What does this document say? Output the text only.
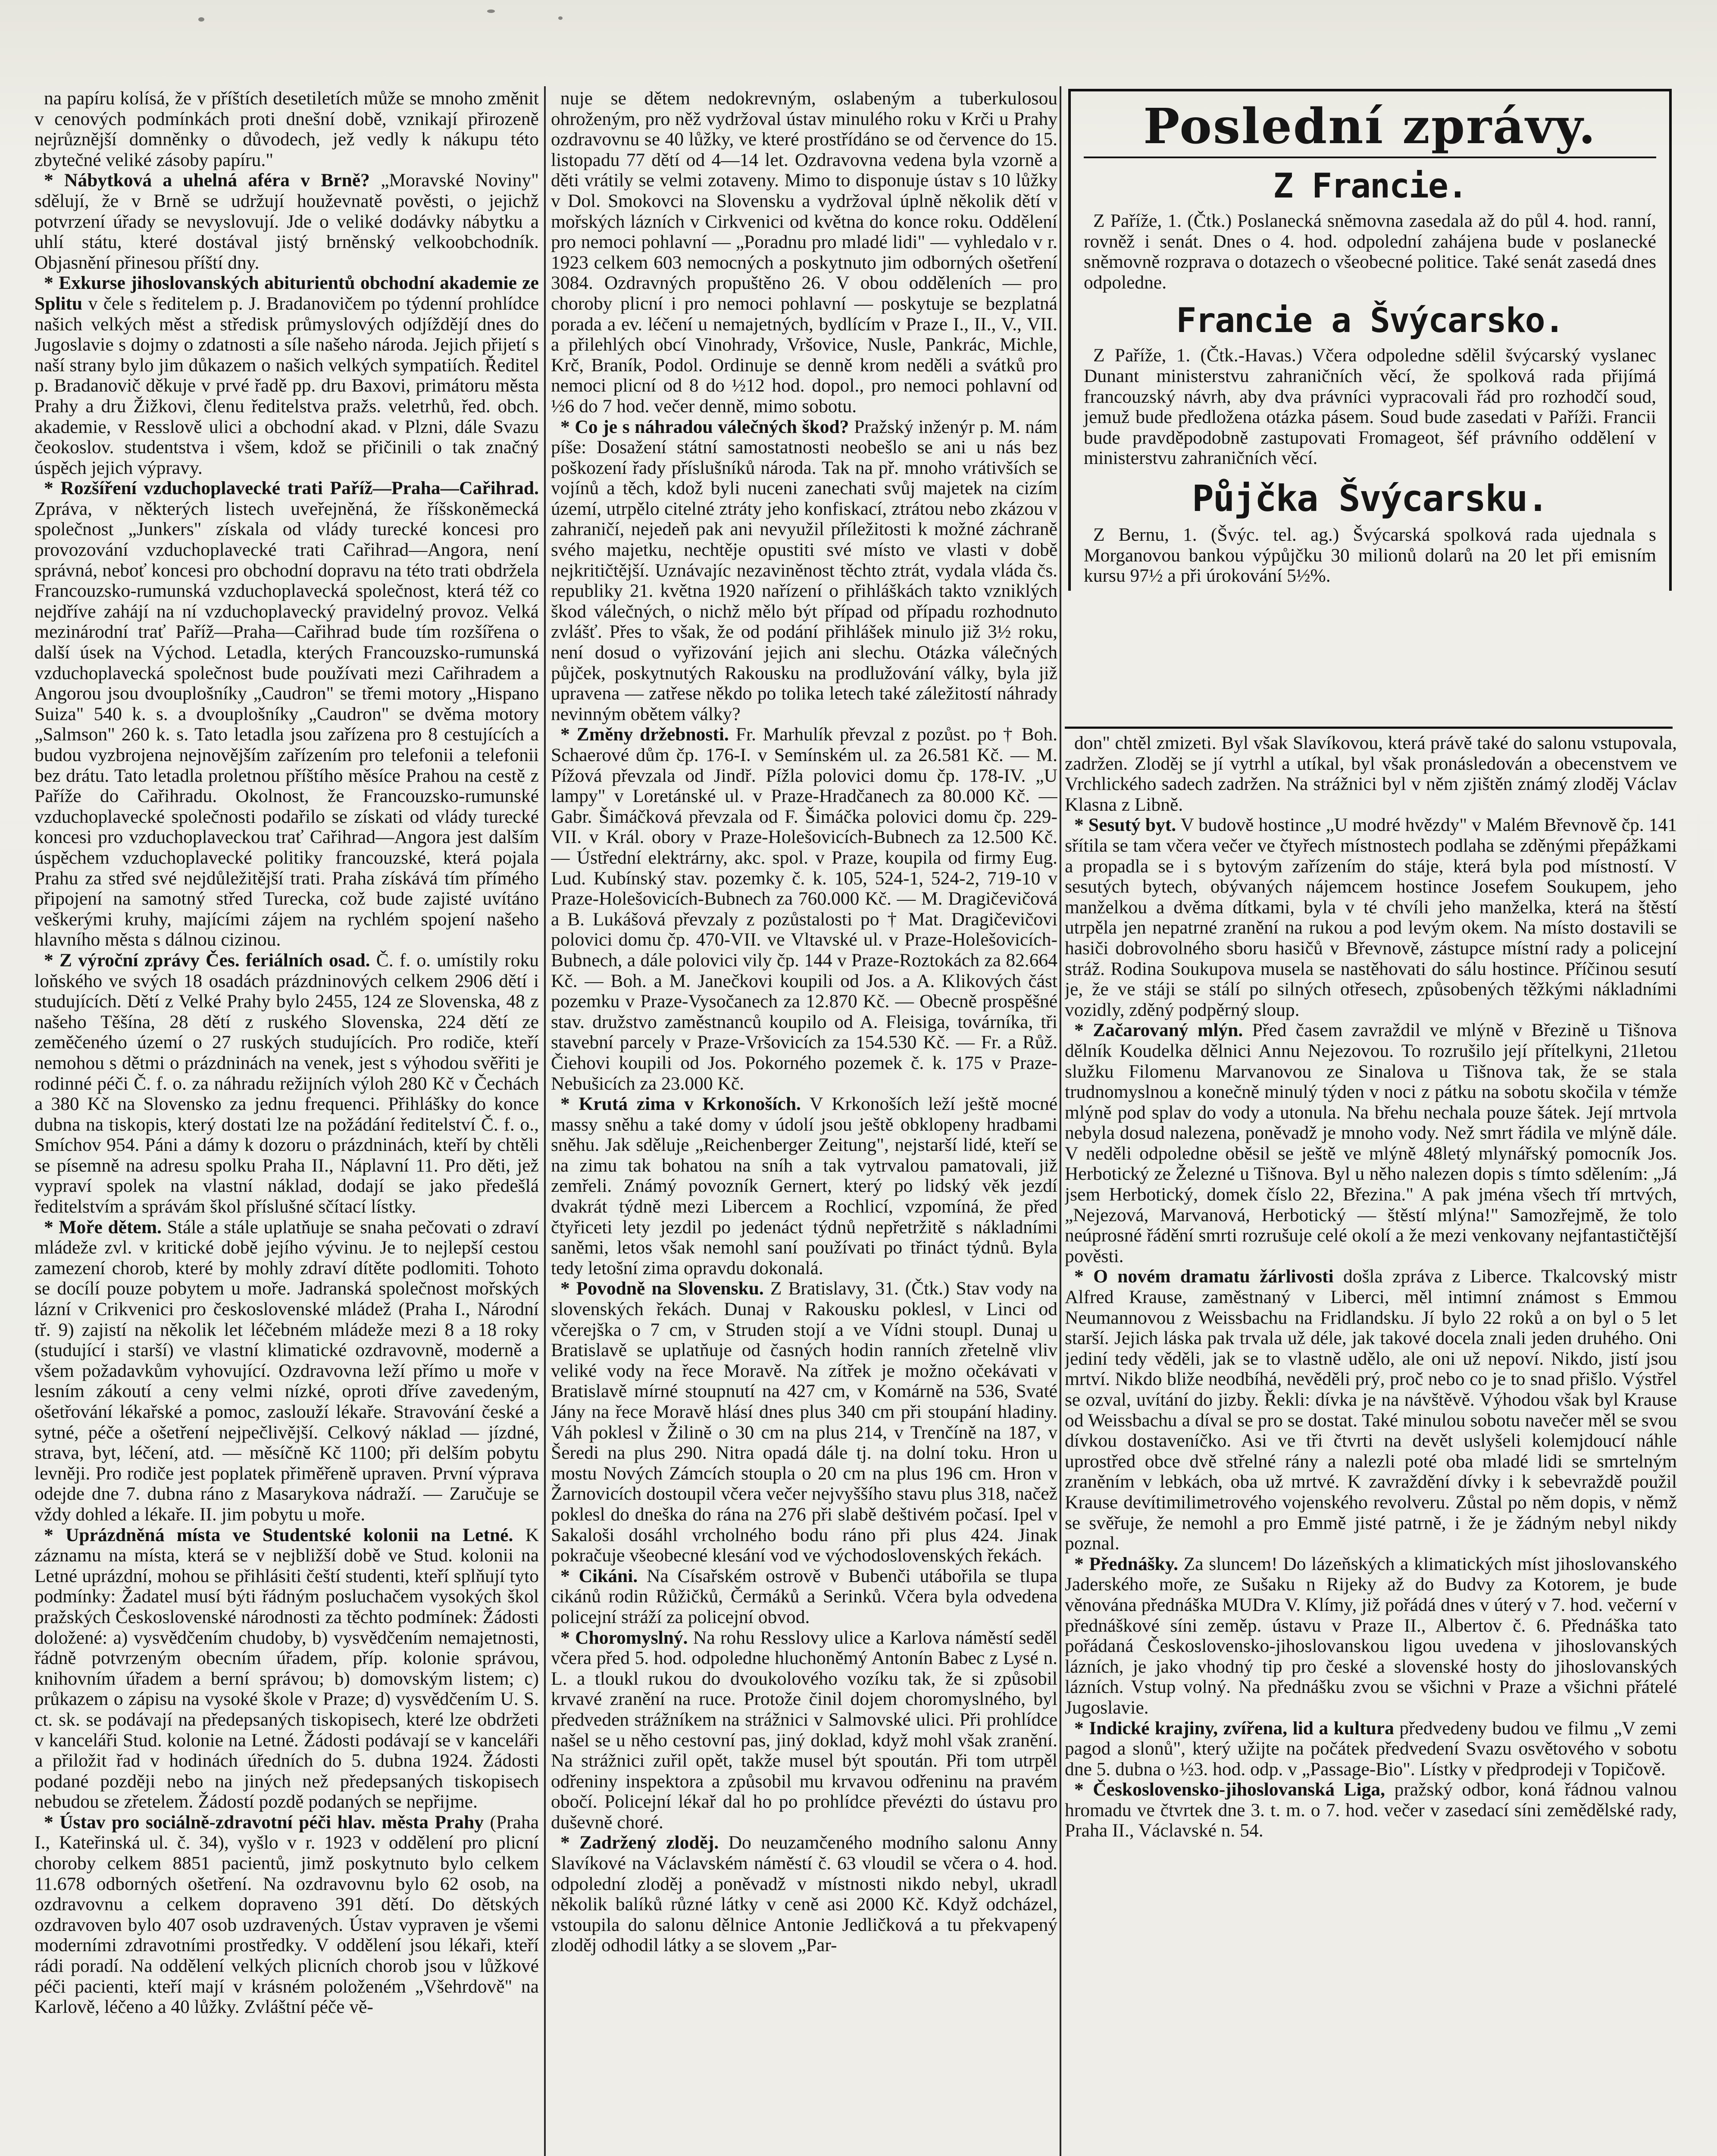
na papíru kolísá, že v příštích desetiletích může se mnoho změnit v cenových podmínkách proti dnešní době, vznikají přirozeně nejrůznější domněnky o důvodech, jež vedly k nákupu této zbytečné veliké zásoby papíru."

* Nábytková a uhelná aféra v Brně? „Moravské Noviny" sdělují, že v Brně se udržují houževnatě pověsti, o jejichž potvrzení úřady se nevyslovují. Jde o veliké dodávky nábytku a uhlí státu, které dostával jistý brněnský velkoobchodník. Objasnění přinesou příští dny.

* Exkurse jihoslovanských abiturientů obchodní akademie ze Splitu v čele s ředitelem p. J. Bradanovičem po týdenní prohlídce našich velkých měst a středisk průmyslových odjíždějí dnes do Jugoslavie s dojmy o zdatnosti a síle našeho národa. Jejich přijetí s naší strany bylo jim důkazem o našich velkých sympatiích. Ředitel p. Bradanovič děkuje v prvé řadě pp. dru Baxovi, primátoru města Prahy a dru Žižkovi, členu ředitelstva pražs. veletrhů, řed. obch. akademie, v Resslově ulici a obchodní akad. v Plzni, dále Svazu čeokoslov. studentstva i všem, kdož se přičinili o tak značný úspěch jejich výpravy.

* Rozšíření vzduchoplavecké trati Paříž—Praha—Cařihrad. Zpráva, v některých listech uveřejněná, že říšskoněmecká společnost „Junkers" získala od vlády turecké koncesi pro provozování vzduchoplavecké trati Cařihrad—Angora, není správná, neboť koncesi pro obchodní dopravu na této trati obdržela Francouzsko-rumunská vzduchoplavecká společnost, která též co nejdříve zahájí na ní vzduchoplavecký pravidelný provoz. Velká mezinárodní trať Paříž—Praha—Cařihrad bude tím rozšířena o další úsek na Východ. Letadla, kterých Francouzsko-rumunská vzduchoplavecká společnost bude používati mezi Cařihradem a Angorou jsou dvouplošníky „Caudron" se třemi motory „Hispano Suiza" 540 k. s. a dvouplošníky „Caudron" se dvěma motory „Salmson" 260 k. s. Tato letadla jsou zařízena pro 8 cestujících a budou vyzbrojena nejnovějším zařízením pro telefonii a telefonii bez drátu. Tato letadla proletnou příštího měsíce Prahou na cestě z Paříže do Cařihradu. Okolnost, že Francouzsko-rumunské vzduchoplavecké společnosti podařilo se získati od vlády turecké koncesi pro vzduchoplaveckou trať Cařihrad—Angora jest dalším úspěchem vzduchoplavecké politiky francouzské, která pojala Prahu za střed své nejdůležitější trati. Praha získává tím přímého připojení na samotný střed Turecka, což bude zajisté uvítáno veškerými kruhy, majícími zájem na rychlém spojení našeho hlavního města s dálnou cizinou.

* Z výroční zprávy Čes. feriálních osad. Č. f. o. umístily roku loňského ve svých 18 osadách prázdninových celkem 2906 dětí i studujících. Dětí z Velké Prahy bylo 2455, 124 ze Slovenska, 48 z našeho Těšína, 28 dětí z ruského Slovenska, 224 dětí ze zeměčeného území o 27 ruských studujících. Pro rodiče, kteří nemohou s dětmi o prázdninách na venek, jest s výhodou svěřiti je rodinné péči Č. f. o. za náhradu režijních výloh 280 Kč v Čechách a 380 Kč na Slovensko za jednu frequenci. Přihlášky do konce dubna na tiskopis, který dostati lze na požádání ředitelství Č. f. o., Smíchov 954. Páni a dámy k dozoru o prázdninách, kteří by chtěli se písemně na adresu spolku Praha II., Náplavní 11. Pro děti, jež vypraví spolek na vlastní náklad, dodají se jako předešlá ředitelstvím a správám škol příslušné sčítací lístky.

* Moře dětem. Stále a stále uplatňuje se snaha pečovati o zdraví mládeže zvl. v kritické době jejího vývinu. Je to nejlepší cestou zamezení chorob, které by mohly zdraví dítěte podlomiti. Tohoto se docílí pouze pobytem u moře. Jadranská společnost mořských lázní v Crikvenici pro československé mládež (Praha I., Národní tř. 9) zajistí na několik let léčebném mládeže mezi 8 a 18 roky (studující i starší) ve vlastní klimatické ozdravovně, moderně a všem požadavkům vyhovující. Ozdravovna leží přímo u moře v lesním zákoutí a ceny velmi nízké, oproti dříve zavedeným, ošetřování lékařské a pomoc, zaslouží lékaře. Stravování české a sytné, péče a ošetření nejpečlivější. Celkový náklad — jízdné, strava, byt, léčení, atd. — měsíčně Kč 1100; při delším pobytu levněji. Pro rodiče jest poplatek přiměřeně upraven. První výprava odejde dne 7. dubna ráno z Masarykova nádraží. — Zaručuje se vždy dohled a lékaře. II. jim pobytu u moře.

* Uprázdněná místa ve Studentské kolonii na Letné. K záznamu na místa, která se v nejbližší době ve Stud. kolonii na Letné uprázdní, mohou se přihlásiti čeští studenti, kteří splňují tyto podmínky: Žadatel musí býti řádným posluchačem vysokých škol pražských Československé národnosti za těchto podmínek: Žádosti doložené: a) vysvědčením chudoby, b) vysvědčením nemajetnosti, řádně potvrzeným obecním úřadem, příp. kolonie správou, knihovním úřadem a berní správou; b) domovským listem; c) průkazem o zápisu na vysoké škole v Praze; d) vysvědčením U. S. ct. sk. se podávají na předepsaných tiskopisech, které lze obdržeti v kanceláři Stud. kolonie na Letné. Žádosti podávají se v kanceláři a přiložit řad v hodinách úředních do 5. dubna 1924. Žádosti podané později nebo na jiných než předepsaných tiskopisech nebudou se zřetelem. Žádostí pozdě podaných se nepřijme.

* Ústav pro sociálně-zdravotní péči hlav. města Prahy (Praha I., Kateřinská ul. č. 34), vyšlo v r. 1923 v oddělení pro plicní choroby celkem 8851 pacientů, jimž poskytnuto bylo celkem 11.678 odborných ošetření. Na ozdravovnu bylo 62 osob, na ozdravovnu a celkem dopraveno 391 dětí. Do dětských ozdravoven bylo 407 osob uzdravených. Ústav vypraven je všemi moderními zdravotními prostředky. V oddělení jsou lékaři, kteří rádi poradí. Na oddělení velkých plicních chorob jsou v lůžkové péči pacienti, kteří mají v krásném položeném „Všehrdově" na Karlově, léčeno a 40 lůžky. Zvláštní péče vě-

nuje se dětem nedokrevným, oslabeným a tuberkulosou ohroženým, pro něž vydržoval ústav minulého roku v Krči u Prahy ozdravovnu se 40 lůžky, ve které prostřídáno se od července do 15. listopadu 77 dětí od 4—14 let. Ozdravovna vedena byla vzorně a děti vrátily se velmi zotaveny. Mimo to disponuje ústav s 10 lůžky v Dol. Smokovci na Slovensku a vydržoval úplně několik dětí v mořských lázních v Cirkvenici od května do konce roku. Oddělení pro nemoci pohlavní — „Poradnu pro mladé lidi" — vyhledalo v r. 1923 celkem 603 nemocných a poskytnuto jim odborných ošetření 3084. Ozdravných propuštěno 26. V obou odděleních — pro choroby plicní i pro nemoci pohlavní — poskytuje se bezplatná porada a ev. léčení u nemajetných, bydlícím v Praze I., II., V., VII. a přilehlých obcí Vinohrady, Vršovice, Nusle, Pankrác, Michle, Krč, Braník, Podol. Ordinuje se denně krom neděli a svátků pro nemoci plicní od 8 do ½12 hod. dopol., pro nemoci pohlavní od ½6 do 7 hod. večer denně, mimo sobotu.

* Co je s náhradou válečných škod? Pražský inženýr p. M. nám píše: Dosažení státní samostatnosti neobešlo se ani u nás bez poškození řady příslušníků národa. Tak na př. mnoho vrátivších se vojínů a těch, kdož byli nuceni zanechati svůj majetek na cizím území, utrpělo citelné ztráty jeho konfiskací, ztrátou nebo zkázou v zahraničí, nejedeň pak ani nevyužil příležitosti k možné záchraně svého majetku, nechtěje opustiti své místo ve vlasti v době nejkritičtější. Uznávajíc nezaviněnost těchto ztrát, vydala vláda čs. republiky 21. května 1920 nařízení o přihláškách takto vzniklých škod válečných, o nichž mělo být případ od případu rozhodnuto zvlášť. Přes to však, že od podání přihlášek minulo již 3½ roku, není dosud o vyřizování jejich ani slechu. Otázka válečných půjček, poskytnutých Rakousku na prodlužování války, byla již upravena — zatřese někdo po tolika letech také záležitostí náhrady nevinným obětem války?

* Změny držebnosti. Fr. Marhulík převzal z pozůst. po † Boh. Schaerové dům čp. 176-I. v Semínském ul. za 26.581 Kč. — M. Pížová převzala od Jindř. Pížla polovici domu čp. 178-IV. „U lampy" v Loretánské ul. v Praze-Hradčanech za 80.000 Kč. — Gabr. Šimáčková převzala od F. Šimáčka polovici domu čp. 229-VII. v Král. obory v Praze-Holešovicích-Bubnech za 12.500 Kč. — Ústřední elektrárny, akc. spol. v Praze, koupila od firmy Eug. Lud. Kubínský stav. pozemky č. k. 105, 524-1, 524-2, 719-10 v Praze-Holešovicích-Bubnech za 760.000 Kč. — M. Dragičevičová a B. Lukášová převzaly z pozůstalosti po † Mat. Dragičevičovi polovici domu čp. 470-VII. ve Vltavské ul. v Praze-Holešovicích-Bubnech, a dále polovici vily čp. 144 v Praze-Roztokách za 82.664 Kč. — Boh. a M. Janečkovi koupili od Jos. a A. Klikových část pozemku v Praze-Vysočanech za 12.870 Kč. — Obecně prospěšné stav. družstvo zaměstnanců koupilo od A. Fleisiga, továrníka, tři stavební parcely v Praze-Vršovicích za 154.530 Kč. — Fr. a Růž. Čiehovi koupili od Jos. Pokorného pozemek č. k. 175 v Praze-Nebušicích za 23.000 Kč.

* Krutá zima v Krkonoších. V Krkonoších leží ještě mocné massy sněhu a také domy v údolí jsou ještě obklopeny hradbami sněhu. Jak sděluje „Reichenberger Zeitung", nejstarší lidé, kteří se na zimu tak bohatou na sníh a tak vytrvalou pamatovali, již zemřeli. Známý povozník Gernert, který po lidský věk jezdí dvakrát týdně mezi Libercem a Rochlicí, vzpomíná, že před čtyřiceti lety jezdil po jedenáct týdnů nepřetržitě s nákladními saněmi, letos však nemohl saní používati po třináct týdnů. Byla tedy letošní zima opravdu dokonalá.

* Povodně na Slovensku. Z Bratislavy, 31. (Čtk.) Stav vody na slovenských řekách. Dunaj v Rakousku poklesl, v Linci od včerejška o 7 cm, v Struden stojí a ve Vídni stoupl. Dunaj u Bratislavě se uplatňuje od časných hodin ranních zřetelně vliv veliké vody na řece Moravě. Na zítřek je možno očekávati v Bratislavě mírné stoupnutí na 427 cm, v Komárně na 536, Svaté Jány na řece Moravě hlásí dnes plus 340 cm při stoupání hladiny. Váh poklesl v Žilině o 30 cm na plus 214, v Trenčíně na 187, v Šeredi na plus 290. Nitra opadá dále tj. na dolní toku. Hron u mostu Nových Zámcích stoupla o 20 cm na plus 196 cm. Hron v Žarnovicích dostoupil včera večer nejvyššího stavu plus 318, načež poklesl do dneška do rána na 276 při slabě deštivém počasí. Ipel v Sakaloši dosáhl vrcholného bodu ráno při plus 424. Jinak pokračuje všeobecné klesání vod ve východoslovenských řekách.

* Cikáni. Na Císařském ostrově v Bubenči utábořila se tlupa cikánů rodin Růžičků, Čermáků a Serinků. Včera byla odvedena policejní stráží za policejní obvod.

* Choromyslný. Na rohu Resslovy ulice a Karlova náměstí seděl včera před 5. hod. odpoledne hluchoněmý Antonín Babec z Lysé n. L. a tloukl rukou do dvoukolového vozíku tak, že si způsobil krvavé zranění na ruce. Protože činil dojem choromyslného, byl předveden strážníkem na strážnici v Salmovské ulici. Při prohlídce našel se u něho cestovní pas, jiný doklad, když mohl však zranění. Na strážnici zuřil opět, takže musel být spoután. Při tom utrpěl odřeniny inspektora a způsobil mu krvavou odřeninu na pravém obočí. Policejní lékař dal ho po prohlídce převézti do ústavu pro duševně choré.

* Zadržený zloděj. Do neuzamčeného modního salonu Anny Slavíkové na Václavském náměstí č. 63 vloudil se včera o 4. hod. odpolední zloděj a poněvadž v místnosti nikdo nebyl, ukradl několik balíků různé látky v ceně asi 2000 Kč. Když odcházel, vstoupila do salonu dělnice Antonie Jedličková a tu překvapený zloděj odhodil látky a se slovem „Par-

Poslední zprávy.
Z Francie.

Z Paříže, 1. (Čtk.) Poslanecká sněmovna zasedala až do půl 4. hod. ranní, rovněž i senát. Dnes o 4. hod. odpolední zahájena bude v poslanecké sněmovně rozprava o dotazech o všeobecné politice. Také senát zasedá dnes odpoledne.

Francie a Švýcarsko.

Z Paříže, 1. (Čtk.-Havas.) Včera odpoledne sdělil švýcarský vyslanec Dunant ministerstvu zahraničních věcí, že spolková rada přijímá francouzský návrh, aby dva právníci vypracovali řád pro rozhodčí soud, jemuž bude předložena otázka pásem. Soud bude zasedati v Paříži. Francii bude pravděpodobně zastupovati Fromageot, šéf právního oddělení v ministerstvu zahraničních věcí.

Půjčka Švýcarsku.

Z Bernu, 1. (Švýc. tel. ag.) Švýcarská spolková rada ujednala s Morganovou bankou výpůjčku 30 milionů dolarů na 20 let při emisním kursu 97½ a při úrokování 5½%.

don" chtěl zmizeti. Byl však Slavíkovou, která právě také do salonu vstupovala, zadržen. Zloděj se jí vytrhl a utíkal, byl však pronásledován a obecenstvem ve Vrchlického sadech zadržen. Na strážnici byl v něm zjištěn známý zloděj Václav Klasna z Libně.

* Sesutý byt. V budově hostince „U modré hvězdy" v Malém Břevnově čp. 141 sřítila se tam včera večer ve čtyřech místnostech podlaha se zděnými přepážkami a propadla se i s bytovým zařízením do stáje, která byla pod místností. V sesutých bytech, obývaných nájemcem hostince Josefem Soukupem, jeho manželkou a dvěma dítkami, byla v té chvíli jeho manželka, která na štěstí utrpěla jen nepatrné zranění na rukou a pod levým okem. Na místo dostavili se hasiči dobrovolného sboru hasičů v Břevnově, zástupce místní rady a policejní stráž. Rodina Soukupova musela se nastěhovati do sálu hostince. Příčinou sesutí je, že ve stáji se stálí po silných otřesech, způsobených těžkými nákladními vozidly, zděný podpěrný sloup.

* Začarovaný mlýn. Před časem zavraždil ve mlýně v Březině u Tišnova dělník Koudelka dělnici Annu Nejezovou. To rozrušilo její přítelkyni, 21letou služku Filomenu Marvanovou ze Sinalova u Tišnova tak, že se stala trudnomyslnou a konečně minulý týden v noci z pátku na sobotu skočila v témže mlýně pod splav do vody a utonula. Na břehu nechala pouze šátek. Její mrtvola nebyla dosud nalezena, poněvadž je mnoho vody. Než smrt řádila ve mlýně dále. V neděli odpoledne oběsil se ještě ve mlýně 48letý mlynářský pomocník Jos. Herbotický ze Železné u Tišnova. Byl u něho nalezen dopis s tímto sdělením: „Já jsem Herbotický, domek číslo 22, Březina." A pak jména všech tří mrtvých, „Nejezová, Marvanová, Herbotický — štěstí mlýna!" Samozřejmě, že tolo neúprosné řádění smrti rozrušuje celé okolí a že mezi venkovany nejfantastičtější pověsti.

* O novém dramatu žárlivosti došla zpráva z Liberce. Tkalcovský mistr Alfred Krause, zaměstnaný v Liberci, měl intimní známost s Emmou Neumannovou z Weissbachu na Fridlandsku. Jí bylo 22 roků a on byl o 5 let starší. Jejich láska pak trvala už déle, jak takové docela znali jeden druhého. Oni jediní tedy věděli, jak se to vlastně udělo, ale oni už nepoví. Nikdo, jistí jsou mrtví. Nikdo bliže neodbíhá, nevěděli prý, proč nebo co je to snad přišlo. Výstřel se ozval, uvítání do jizby. Řekli: dívka je na návštěvě. Výhodou však byl Krause od Weissbachu a díval se pro se dostat. Také minulou sobotu navečer měl se svou dívkou dostaveníčko. Asi ve tři čtvrti na devět uslyšeli kolemjdoucí náhle uprostřed obce dvě střelné rány a nalezli poté oba mladé lidi se smrtelným zraněním v lebkách, oba už mrtvé. K zavraždění dívky i k sebevraždě použil Krause devítimilimetrového vojenského revolveru. Zůstal po něm dopis, v němž se svěřuje, že nemohl a pro Emmě jisté patrně, i že je žádným nebyl nikdy poznal.

* Přednášky. Za sluncem! Do lázeňských a klimatických míst jihoslovanského Jaderského moře, ze Sušaku n Rijeky až do Budvy za Kotorem, je bude věnována přednáška MUDra V. Klímy, již pořádá dnes v úterý v 7. hod. večerní v přednáškové síni zeměp. ústavu v Praze II., Albertov č. 6. Přednáška tato pořádaná Československo-jihoslovanskou ligou uvedena v jihoslovanských lázních, je jako vhodný tip pro české a slovenské hosty do jihoslovanských lázních. Vstup volný. Na přednášku zvou se všichni v Praze a všichni přátelé Jugoslavie.

* Indické krajiny, zvířena, lid a kultura předvedeny budou ve filmu „V zemi pagod a slonů", který užijte na počátek předvedení Svazu osvětového v sobotu dne 5. dubna o ½3. hod. odp. v „Passage-Bio". Lístky v předprodeji v Topičově.

* Československo-jihoslovanská Liga, pražský odbor, koná řádnou valnou hromadu ve čtvrtek dne 3. t. m. o 7. hod. večer v zasedací síni zemědělské rady, Praha II., Václavské n. 54.
